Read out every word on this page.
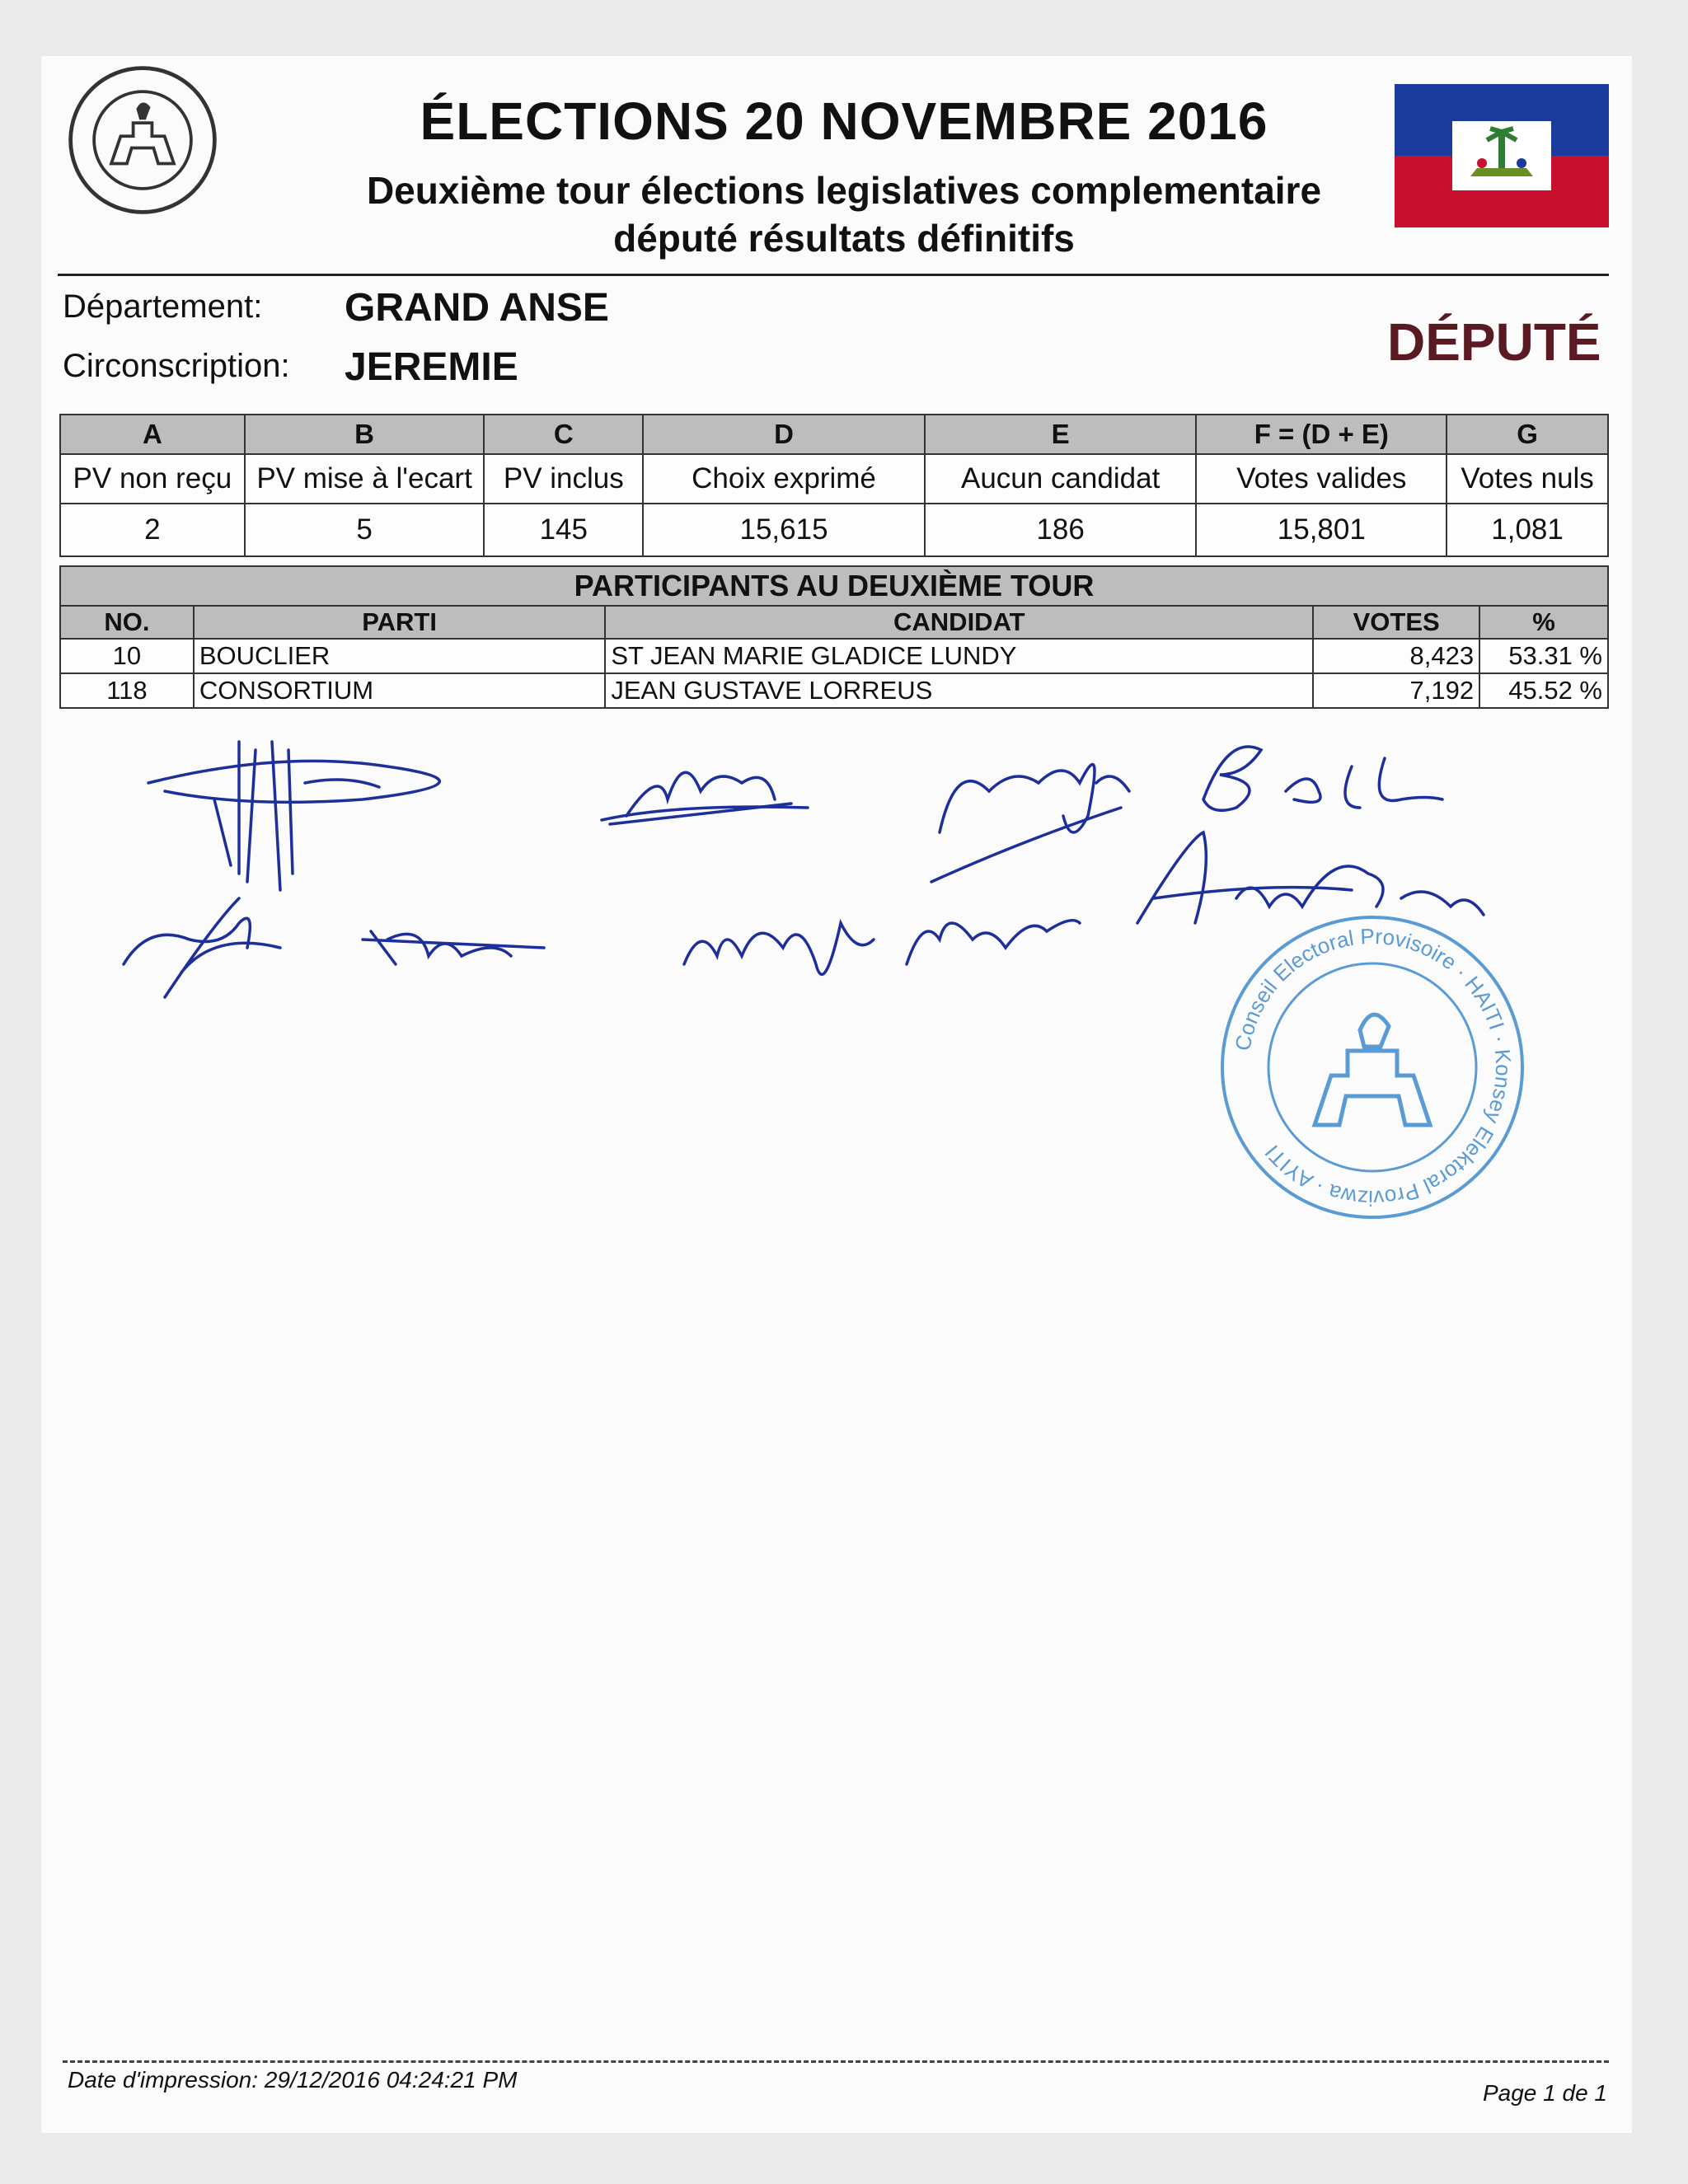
ÉLECTIONS 20 NOVEMBRE 2016
Deuxième tour élections legislatives complementaire
député résultats définitifs
Département: GRAND ANSE
Circonscription: JEREMIE	DÉPUTÉ
A	B	C	D	E	F = (D + E)	G
PV non reçu	PV mise à l'ecart	PV inclus	Choix exprimé	Aucun candidat	Votes valides	Votes nuls
2	5	145	15,615	186	15,801	1,081
PARTICIPANTS AU DEUXIÈME TOUR				
NO.	PARTI	CANDIDAT	VOTES	%
10	BOUCLIER	ST JEAN MARIE GLADICE LUNDY	8,423	53.31 %
118	CONSORTIUM	JEAN GUSTAVE LORREUS	7,192	45.52 %
Conseil Electoral Provisoire · HAITI · Konsey Elektoral Provizwa · AYITI
Date d'impression: 29/12/2016 04:24:21 PM
Page 1 de 1
